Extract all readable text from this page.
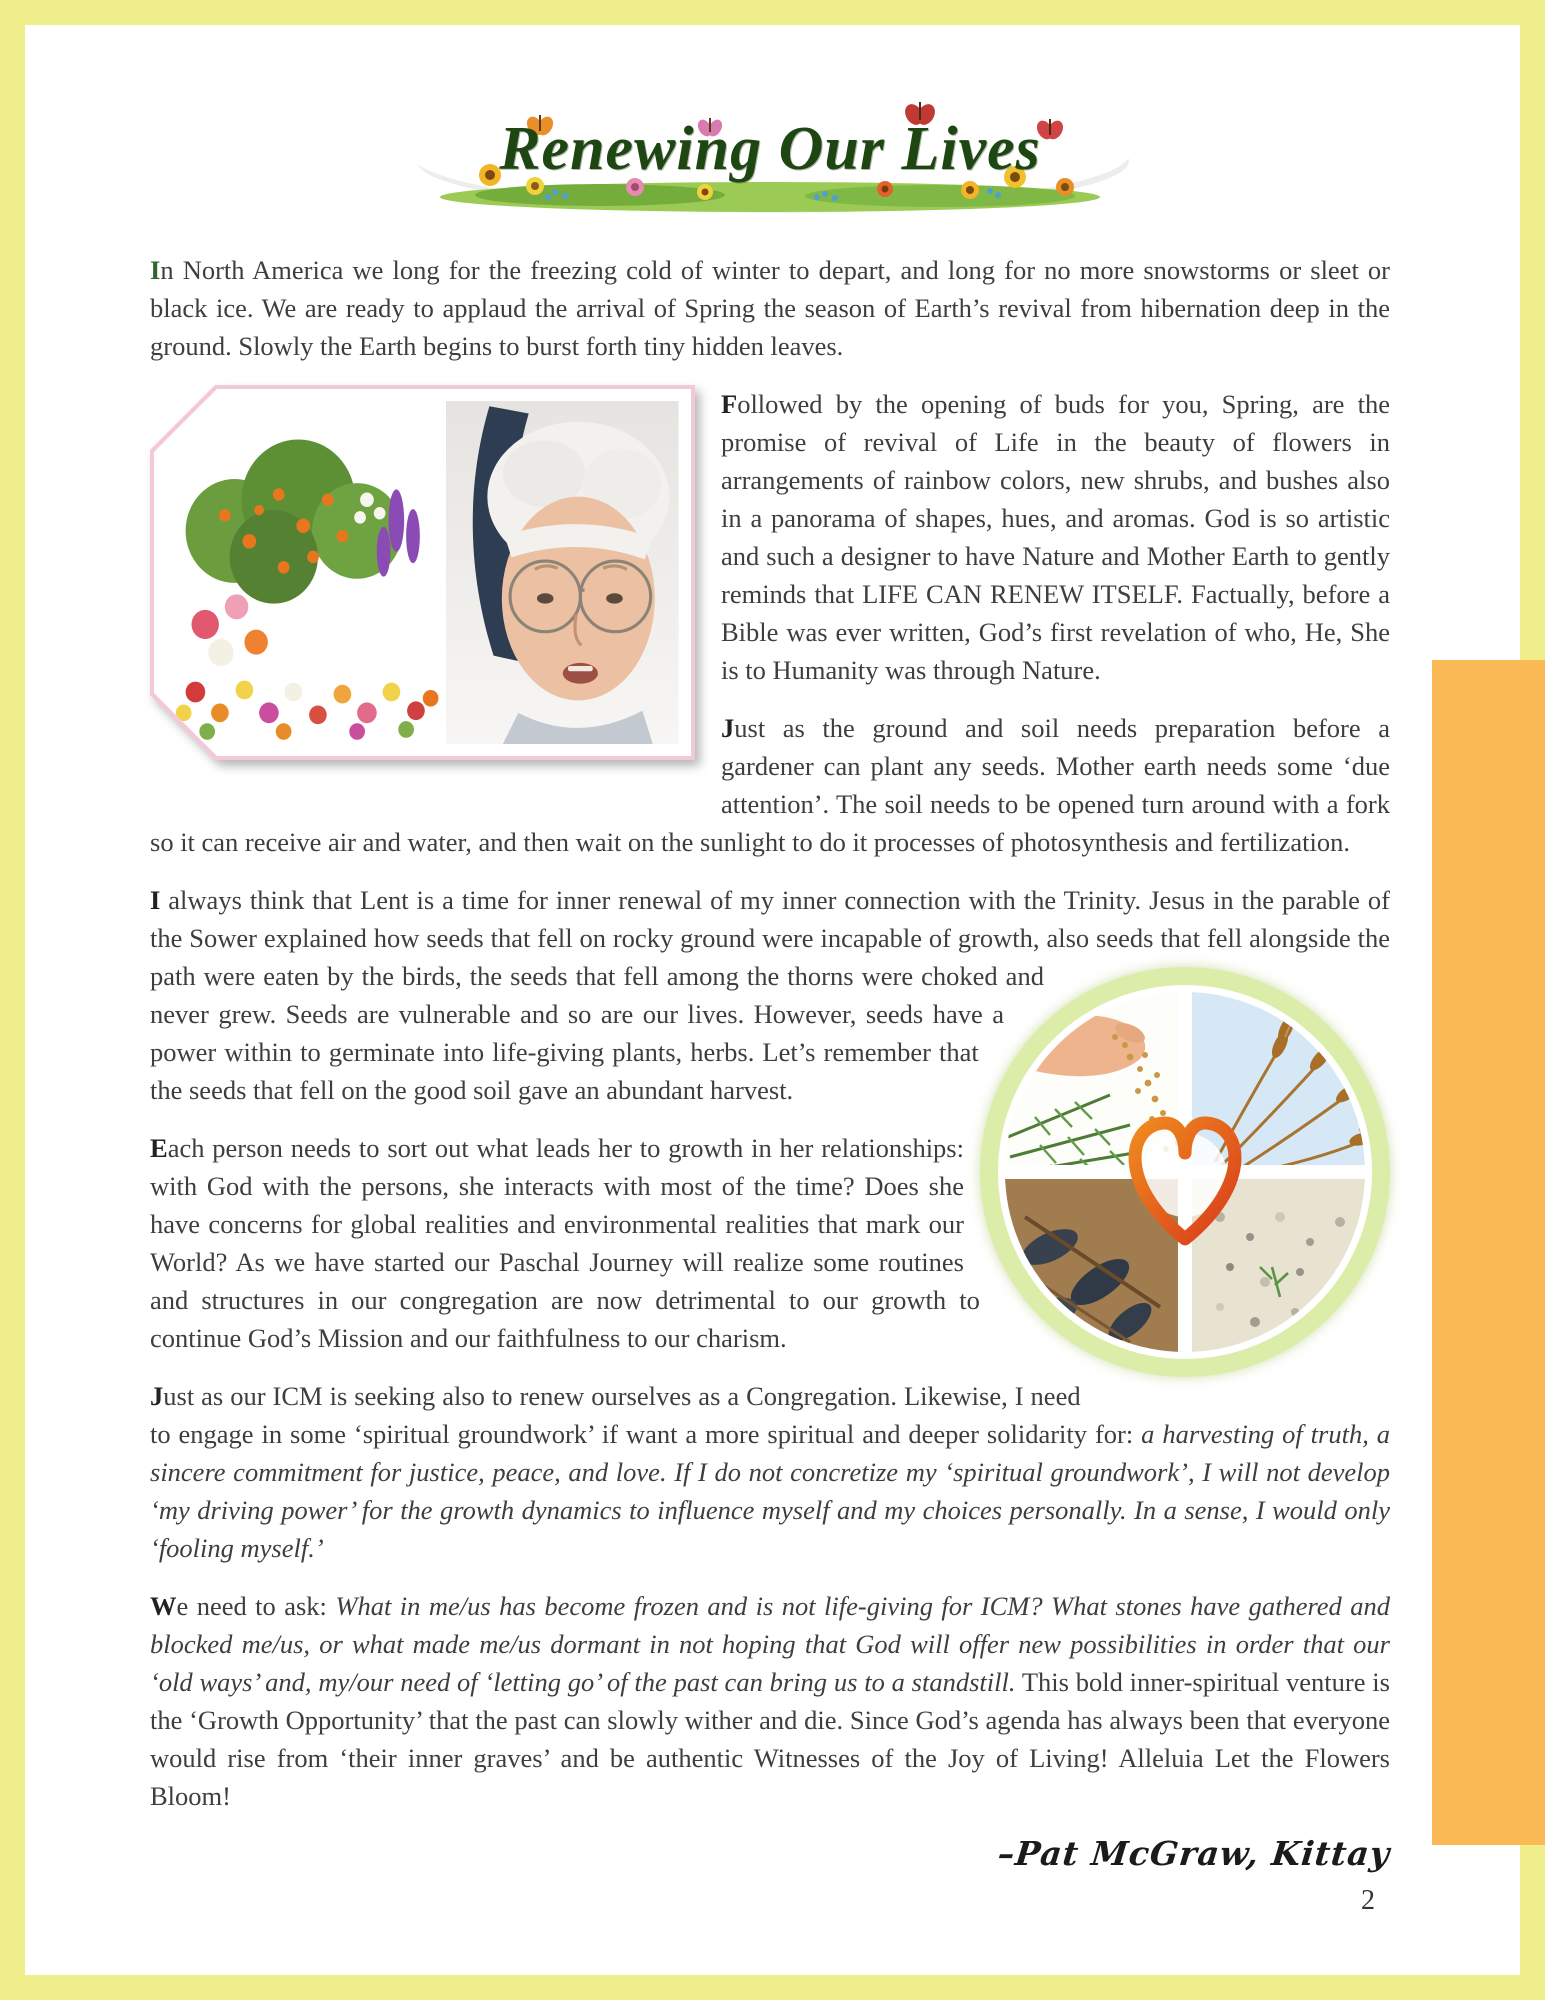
Renewing Our Lives

In North America we long for the freezing cold of winter to depart, and long for no more snowstorms or sleet or black ice. We are ready to applaud the arrival of Spring the season of Earth’s revival from hibernation deep in the ground. Slowly the Earth begins to burst forth tiny hidden leaves.

Followed by the opening of buds for you, Spring, are the promise of revival of Life in the beauty of flowers in arrangements of rainbow colors, new shrubs, and bushes also in a panorama of shapes, hues, and aromas. God is so artistic and such a designer to have Nature and Mother Earth to gently reminds that LIFE CAN RENEW ITSELF. Factually, before a Bible was ever written, God’s first revelation of who, He, She is to Humanity was through Nature.

Just as the ground and soil needs preparation before a gardener can plant any seeds. Mother earth needs some ‘due attention’. The soil needs to be opened turn around with a fork so it can receive air and water, and then wait on the sunlight to do it processes of photosynthesis and fertilization.

I always think that Lent is a time for inner renewal of my inner connection with the Trinity. Jesus in the parable of the Sower explained how seeds that fell on rocky ground were incapable of growth, also seeds that fell alongside the
path were eaten by the birds, the seeds that fell among the thorns were choked and never grew. Seeds are vulnerable and so are our lives. However, seeds have a power within to germinate into life-giving plants, herbs. Let’s remember that the seeds that fell on the good soil gave an abundant harvest.

Each person needs to sort out what leads her to growth in her relationships: with God with the persons, she interacts with most of the time? Does she have concerns for global realities and environmental realities that mark our World? As we have started our Paschal Journey will realize some routines and structures in our congregation are now detrimental to our growth to continue God’s Mission and our faithfulness to our charism.

Just as our ICM is seeking also to renew ourselves as a Congregation. Likewise, I need to engage in some ‘spiritual groundwork’ if want a more spiritual and deeper solidarity for: a harvesting of truth, a sincere commitment for justice, peace, and love. If I do not concretize my ‘spiritual groundwork’, I will not develop ‘my driving power’ for the growth dynamics to influence myself and my choices personally. In a sense, I would only ‘fooling myself.’

We need to ask: What in me/us has become frozen and is not life-giving for ICM? What stones have gathered and blocked me/us, or what made me/us dormant in not hoping that God will offer new possibilities in order that our ‘old ways’ and, my/our need of ‘letting go’ of the past can bring us to a standstill. This bold inner-spiritual venture is the ‘Growth Opportunity’ that the past can slowly wither and die. Since God’s agenda has always been that everyone would rise from ‘their inner graves’ and be authentic Witnesses of the Joy of Living! Alleluia Let the Flowers Bloom!

–Pat McGraw, Kittay
2
